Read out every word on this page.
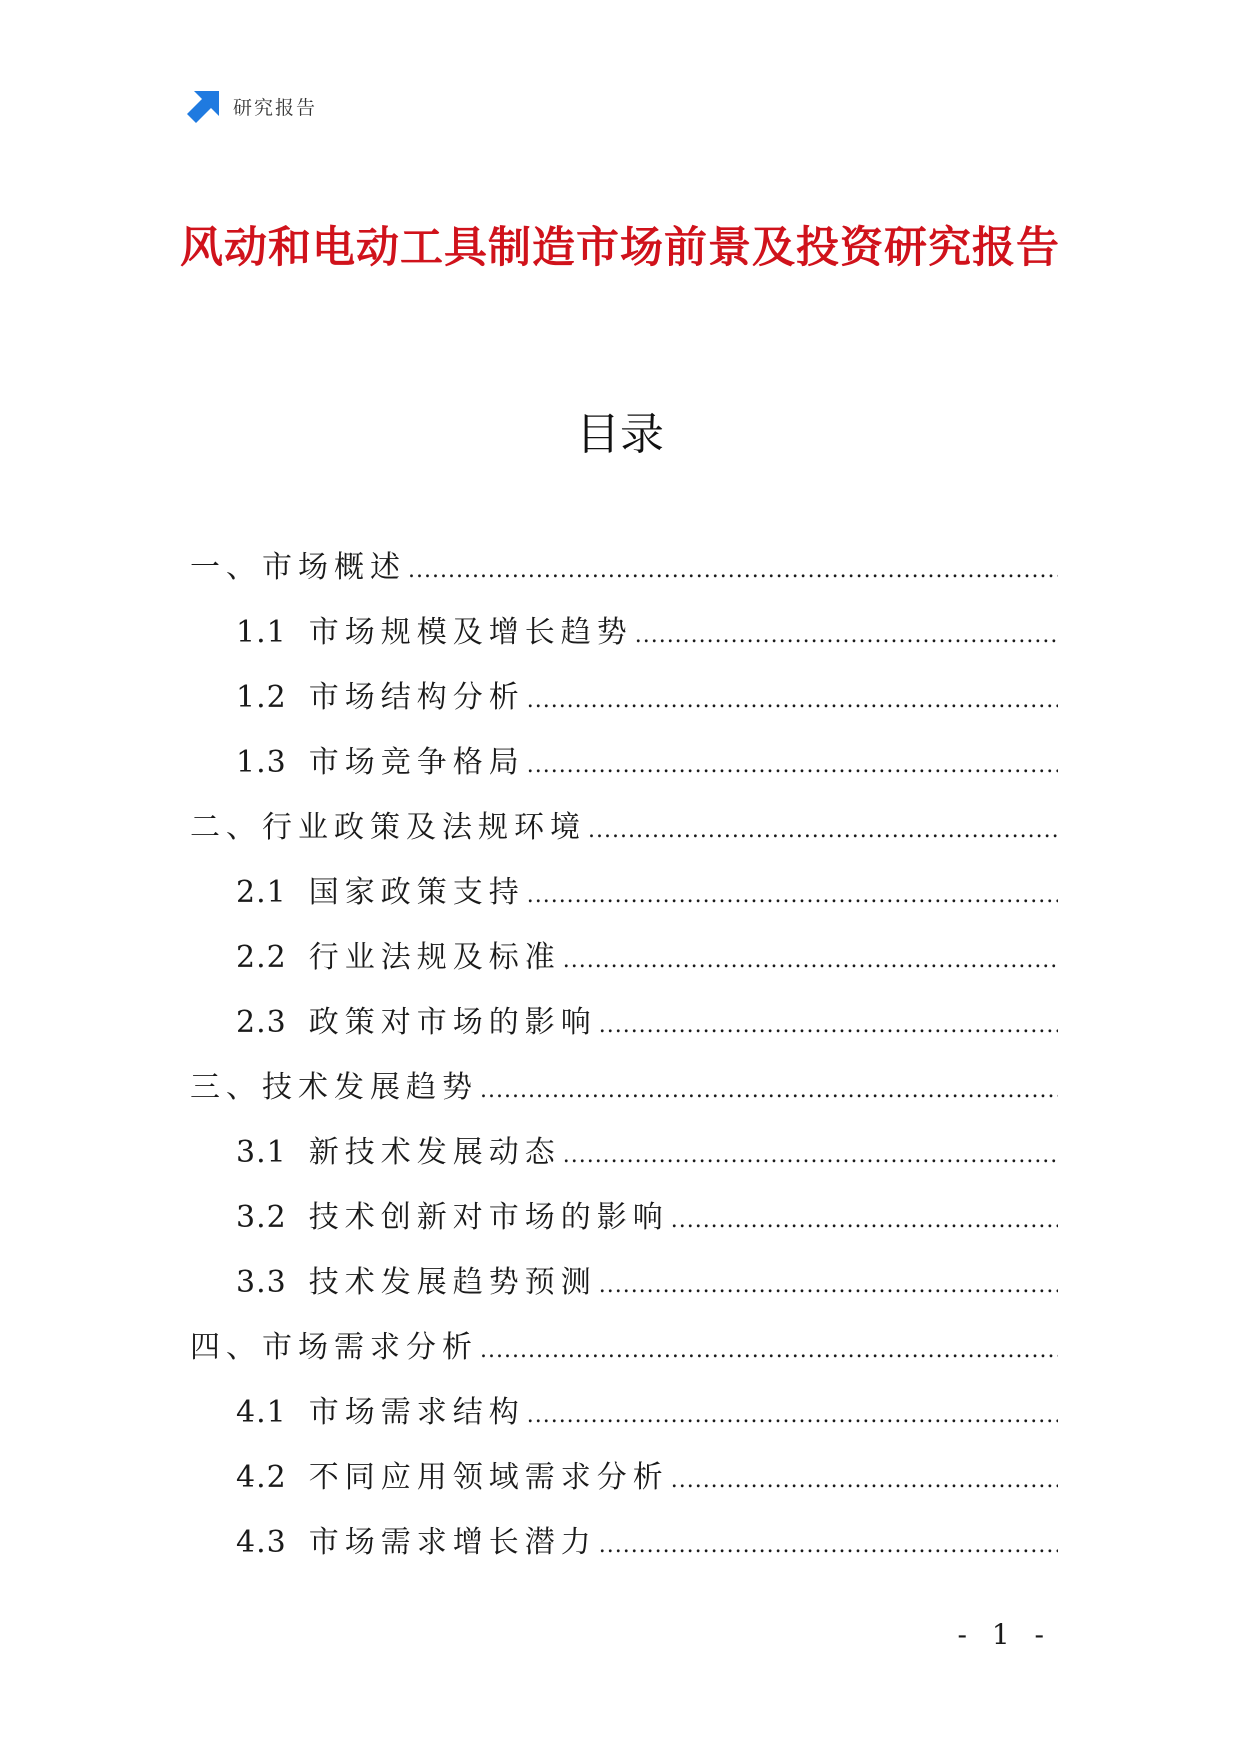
研究报告
风动和电动工具制造市场前景及投资研究报告
目录
一、市场概述
.....
1.1 市场规模及增长趋势
.....
1.2 市场结构分析
.....
1.3 市场竞争格局
.....
二、行业政策及法规环境
.....
2.1 国家政策支持
.....
2.2 行业法规及标准
.....
2.3 政策对市场的影响
.....
三、技术发展趋势
.....
3.1 新技术发展动态
.....
3.2 技术创新对市场的影响
.....
3.3 技术发展趋势预测
.....
四、市场需求分析
.....
4.1 市场需求结构
.....
4.2 不同应用领域需求分析
.....
4.3 市场需求增长潜力
.....
- 1 -
